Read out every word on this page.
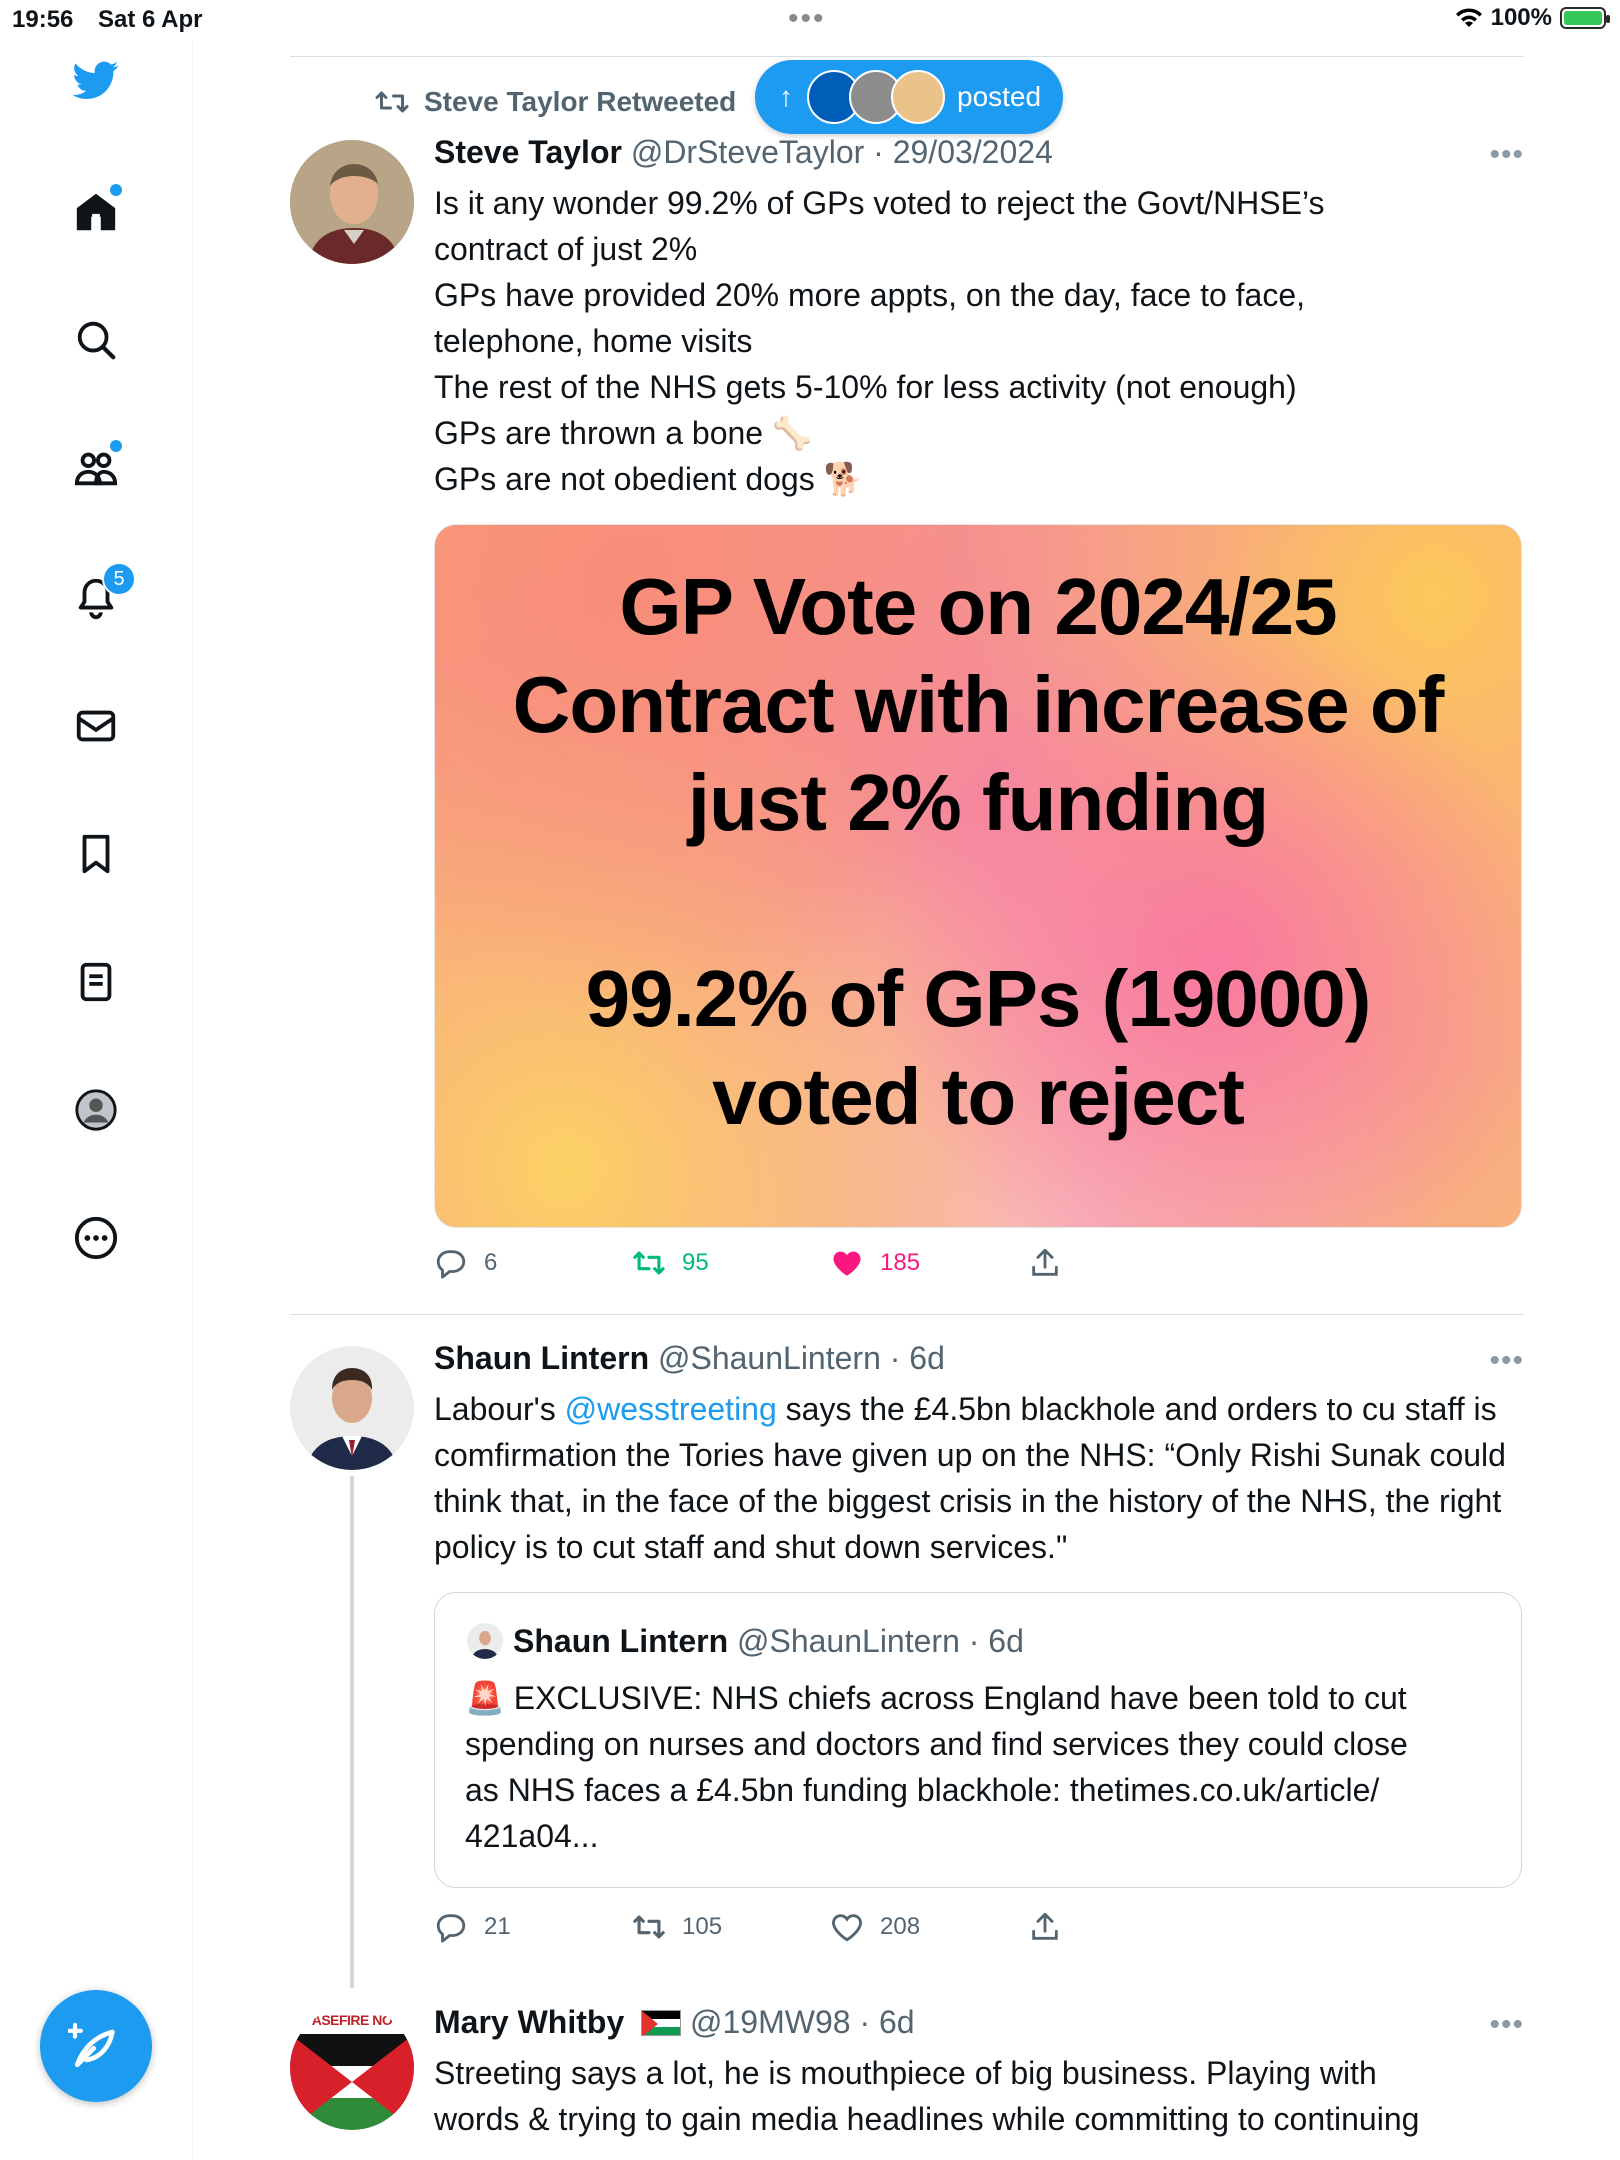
19:56 Sat 6 Apr	•••	100%
5
Steve Taylor Retweeted ↑	posted
Steve Taylor @DrSteveTaylor · 29/03/2024	•••

Is it any wonder 99.2% of GPs voted to reject the Govt/NHSE’s

contract of just 2%

GPs have provided 20% more appts, on the day, face to face,

telephone, home visits

The rest of the NHS gets 5-10% for less activity (not enough)

GPs are thrown a bone 🦴

GPs are not obedient dogs 🐕

GP Vote on 2024/25
Contract with increase of
just 2% funding
99.2% of GPs (19000)
voted to reject
6	95	185
Shaun Lintern @ShaunLintern · 6d	•••

Labour's @wesstreeting says the £4.5bn blackhole and orders to cu staff is comfirmation the Tories have given up on the NHS: “Only Rishi Sunak could think that, in the face of the biggest crisis in the history of the NHS, the right policy is to cut staff and shut down services."

Shaun Lintern @ShaunLintern · 6d

🚨 EXCLUSIVE: NHS chiefs across England have been told to cut

spending on nurses and doctors and find services they could close

as NHS faces a £4.5bn funding blackhole: thetimes.co.uk/article/

421a04...

21	105	208
ASEFIRE NO	Mary Whitby @19MW98 · 6d	•••

Streeting says a lot, he is mouthpiece of big business. Playing with

words & trying to gain media headlines while committing to continuing
